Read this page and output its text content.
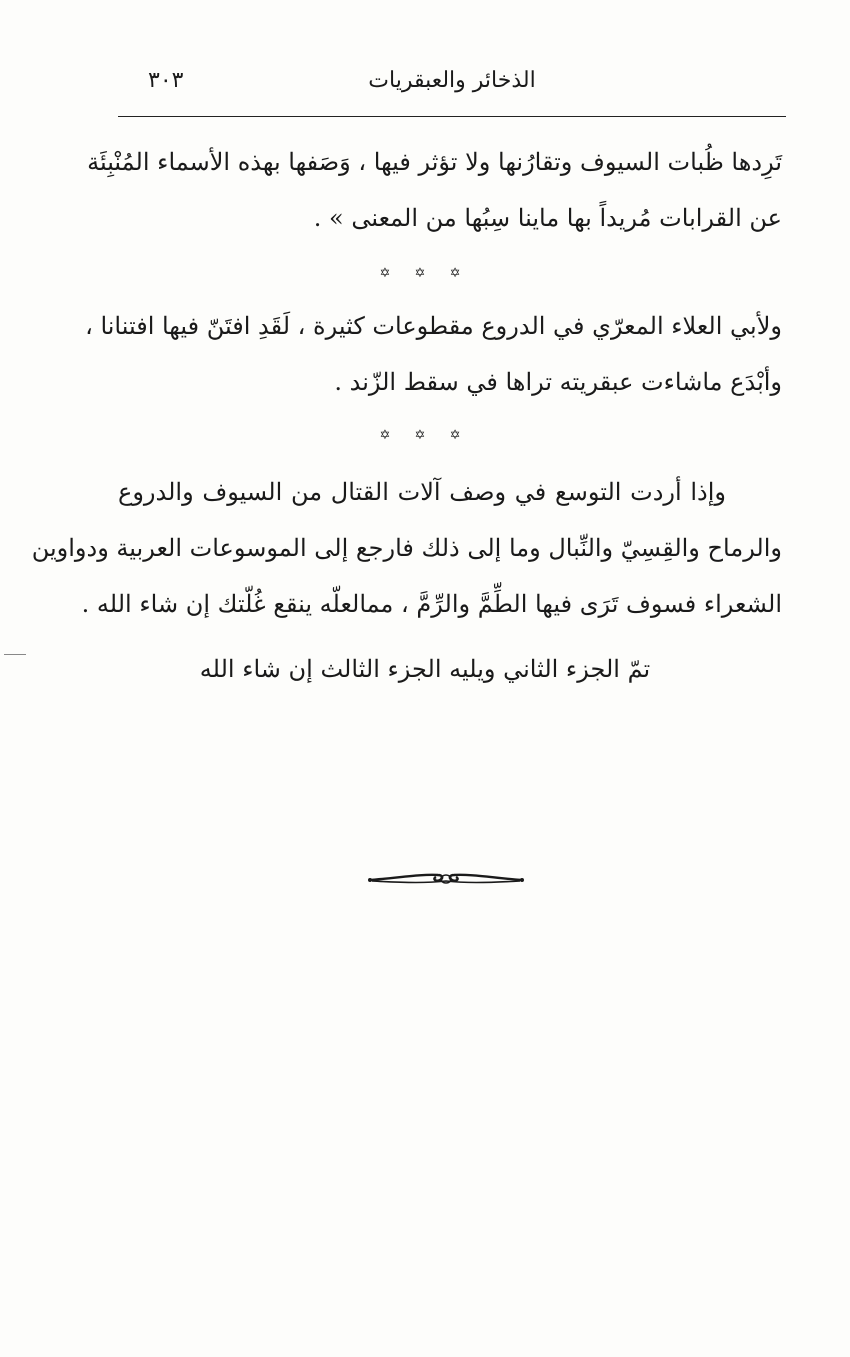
الذخائر والعبقريات
٣٠٣
تَرِدها ظُبات السيوف وتقارُنها ولا تؤثر فيها ، وَصَفها بهذه الأسماء المُنْبِئَة
عن القرابات مُريداً بها ماينا سِبُها من المعنى » .
✡ ✡ ✡
ولأبي العلاء المعرّي في الدروع مقطوعات كثيرة ، لَقَدِ افتَنّ فيها افتنانا ،
وأبْدَع ماشاءت عبقريته تراها في سقط الزّند .
✡ ✡ ✡
وإذا أردت التوسع في وصف آلات القتال من السيوف والدروع
والرماح والقِسِيّ والنِّبال وما إلى ذلك فارجع إلى الموسوعات العربية ودواوين
الشعراء فسوف تَرَى فيها الطِّمَّ والرِّمَّ ، ممالعلّه ينقع غُلّتك إن شاء الله .
تمّ الجزء الثاني ويليه الجزء الثالث إن شاء الله
